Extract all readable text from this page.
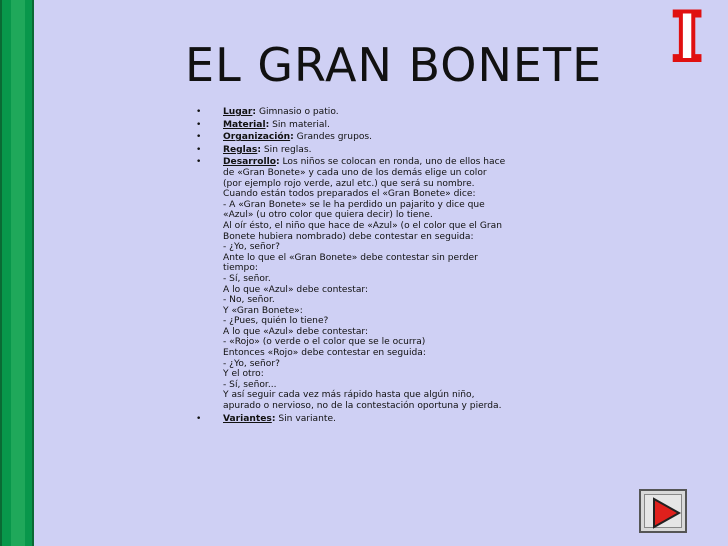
EL GRAN BONETE I
• Lugar: Gimnasio o patio.
• Material: Sin material.
• Organización: Grandes grupos.
• Reglas: Sin reglas.
• Desarrollo: Los niños se colocan en ronda, uno de ellos hace de «Gran Bonete» y cada uno de los demás elige un color (por ejemplo rojo verde, azul etc.) que será su nombre. Cuando están todos preparados el «Gran Bonete» dice:
- A «Gran Bonete» se le ha perdido un pajarito y dice que «Azul» (u otro color que quiera decir) lo tiene.
Al oír ésto, el niño que hace de «Azul» (o el color que el Gran Bonete hubiera nombrado) debe contestar en seguida:
- ¿Yo, señor?
Ante lo que el «Gran Bonete» debe contestar sin perder tiempo:
- Sí, señor.
A lo que «Azul» debe contestar:
- No, señor.
Y «Gran Bonete»:
- ¿Pues, quién lo tiene?
A lo que «Azul» debe contestar:
- «Rojo» (o verde o el color que se le ocurra)
Entonces «Rojo» debe contestar en seguida:
- ¿Yo, señor?
Y el otro:
- Sí, señor...
Y así seguir cada vez más rápido hasta que algún niño, apurado o nervioso, no de la contestación oportuna y pierda.
• Variantes: Sin variante.
